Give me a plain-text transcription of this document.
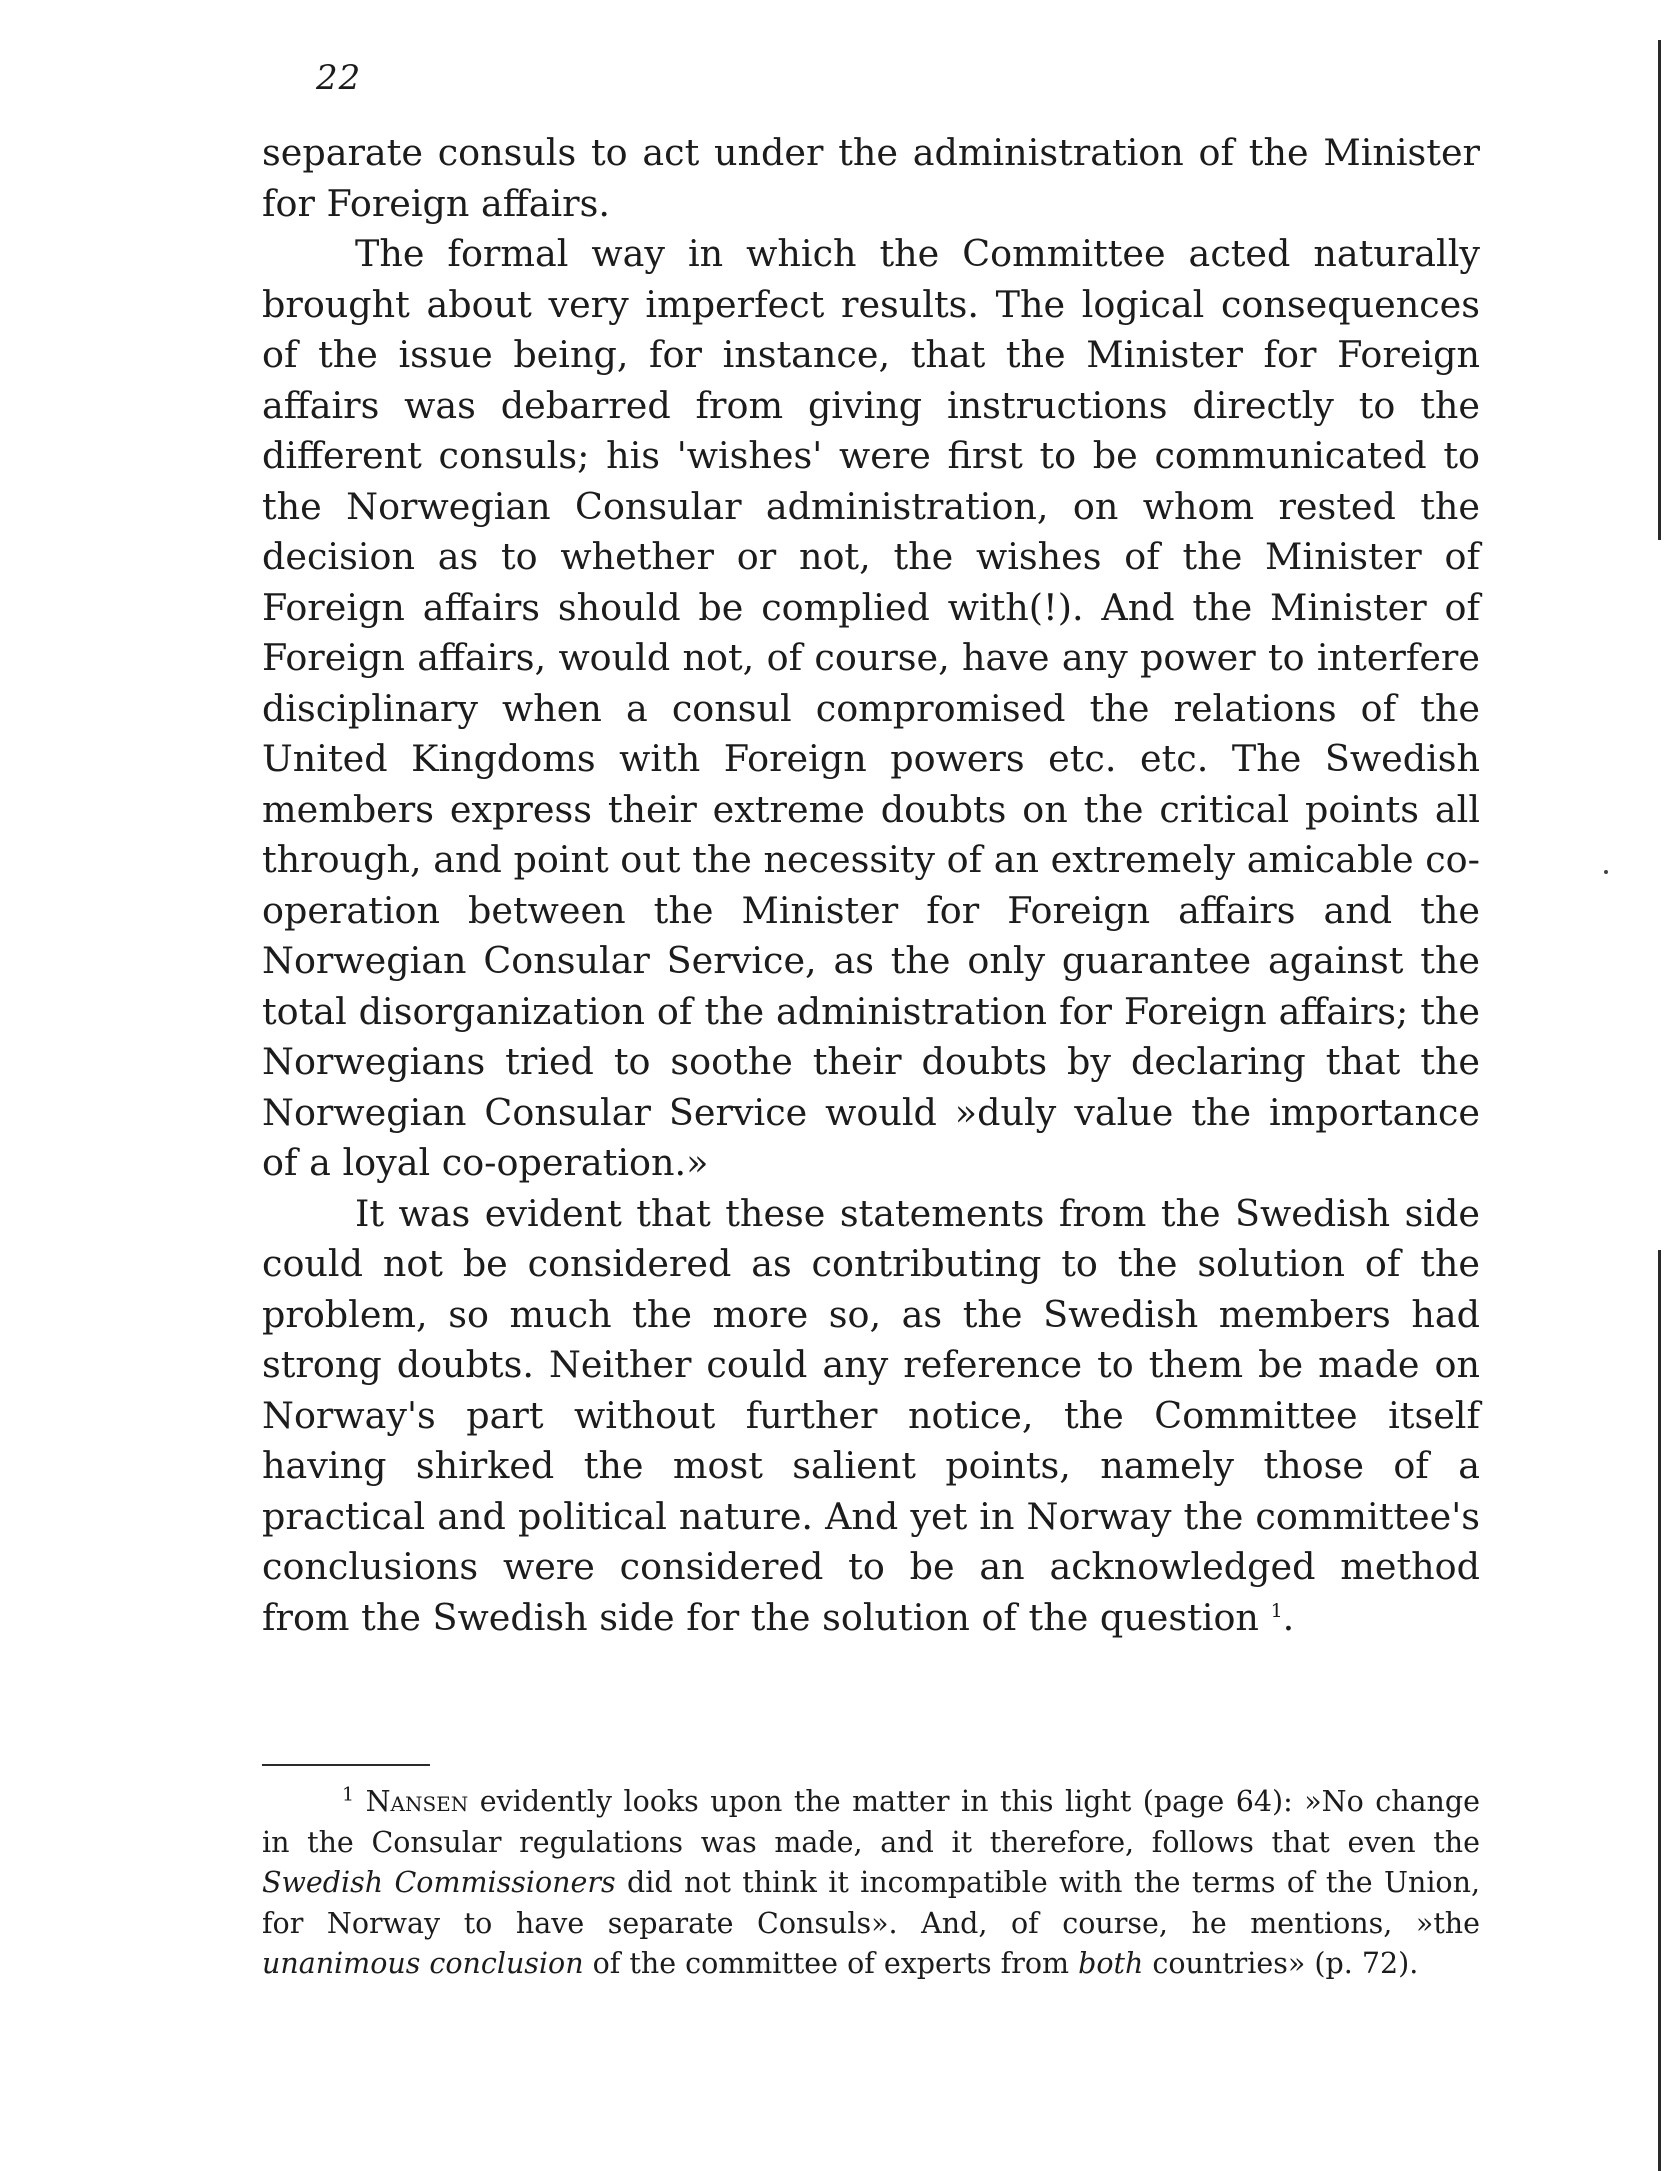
22

separate consuls to act under the administration of the Minister for Foreign affairs.

The formal way in which the Committee acted naturally brought about very imperfect results. The logical consequences of the issue being, for instance, that the Minister for Foreign affairs was debarred from giving instructions directly to the different consuls; his 'wishes' were first to be communicated to the Norwegian Consular administration, on whom rested the decision as to whether or not, the wishes of the Minister of Foreign affairs should be complied with(!). And the Minister of Foreign affairs, would not, of course, have any power to interfere disciplinary when a consul compromised the relations of the United Kingdoms with Foreign powers etc. etc. The Swedish members express their extreme doubts on the critical points all through, and point out the necessity of an extremely amicable co-operation between the Minister for Foreign affairs and the Norwegian Consular Service, as the only guarantee against the total disorganization of the administration for Foreign affairs; the Norwegians tried to soothe their doubts by declaring that the Norwegian Consular Service would »duly value the importance of a loyal co-operation.»

It was evident that these statements from the Swedish side could not be considered as contributing to the solution of the problem, so much the more so, as the Swedish members had strong doubts. Neither could any reference to them be made on Norway's part without further notice, the Committee itself having shirked the most salient points, namely those of a practical and political nature. And yet in Norway the committee's conclusions were considered to be an acknowledged method from the Swedish side for the solution of the question $^1$.

$^1$ Nansen evidently looks upon the matter in this light (page 64): »No change in the Consular regulations was made, and it therefore, follows that even the Swedish Commissioners did not think it incompatible with the terms of the Union, for Norway to have separate Consuls». And, of course, he mentions, »the unanimous conclusion of the committee of experts from both countries» (p. 72).
